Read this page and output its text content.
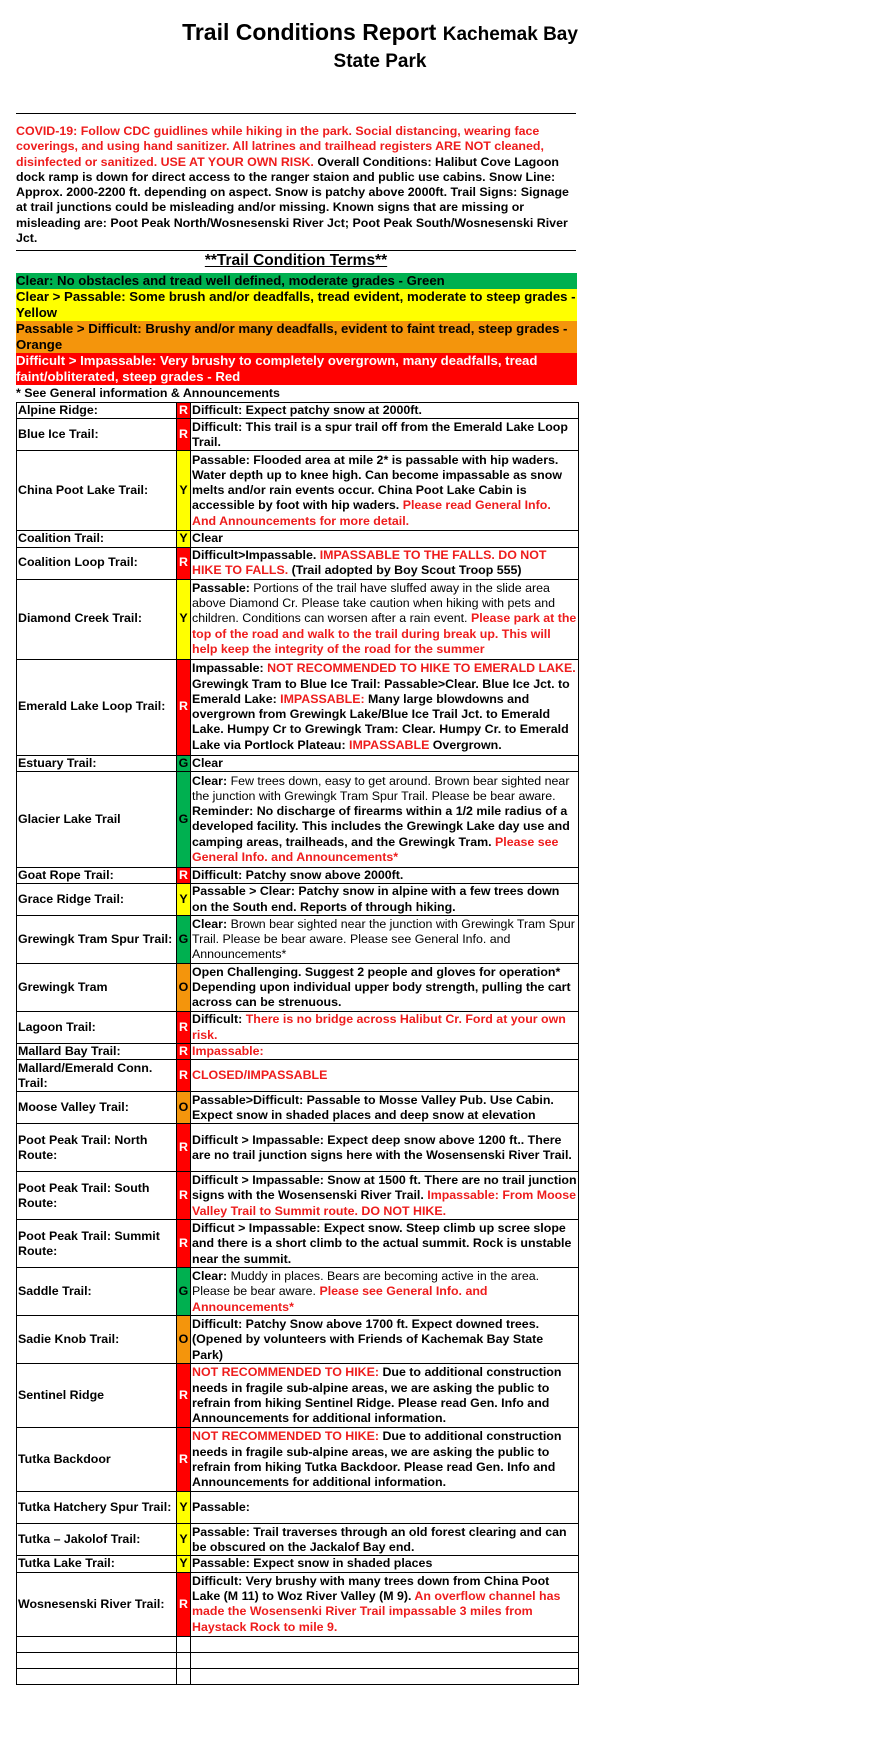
Trail Conditions Report Kachemak Bay
State Park
COVID-19: Follow CDC guidlines while hiking in the park. Social distancing, wearing face coverings, and using hand sanitizer. All latrines and trailhead registers ARE NOT cleaned, disinfected or sanitized. USE AT YOUR OWN RISK. Overall Conditions: Halibut Cove Lagoon dock ramp is down for direct access to the ranger staion and public use cabins. Snow Line: Approx. 2000-2200 ft. depending on aspect. Snow is patchy above 2000ft. Trail Signs: Signage at trail junctions could be misleading and/or missing. Known signs that are missing or misleading are: Poot Peak North/Wosnesenski River Jct; Poot Peak South/Wosnesenski River Jct.
**Trail Condition Terms**
Clear: No obstacles and tread well defined, moderate grades - Green
Clear > Passable: Some brush and/or deadfalls, tread evident, moderate to steep grades - Yellow
Passable > Difficult: Brushy and/or many deadfalls, evident to faint tread, steep grades - Orange
Difficult > Impassable: Very brushy to completely overgrown, many deadfalls, tread faint/obliterated, steep grades - Red
* See General information & Announcements
Alpine Ridge:	R	Difficult: Expect patchy snow at 2000ft.
Blue Ice Trail:	R	Difficult: This trail is a spur trail off from the Emerald Lake Loop Trail.
China Poot Lake Trail:	Y	Passable: Flooded area at mile 2* is passable with hip waders. Water depth up to knee high. Can become impassable as snow melts and/or rain events occur. China Poot Lake Cabin is accessible by foot with hip waders. Please read General Info. And Announcements for more detail.
Coalition Trail:	Y	Clear
Coalition Loop Trail:	R	Difficult>Impassable. IMPASSABLE TO THE FALLS. DO NOT HIKE TO FALLS. (Trail adopted by Boy Scout Troop 555)
Diamond Creek Trail:	Y	Passable: Portions of the trail have sluffed away in the slide area above Diamond Cr. Please take caution when hiking with pets and children. Conditions can worsen after a rain event. Please park at the top of the road and walk to the trail during break up. This will help keep the integrity of the road for the summer
Emerald Lake Loop Trail:	R	Impassable: NOT RECOMMENDED TO HIKE TO EMERALD LAKE. Grewingk Tram to Blue Ice Trail: Passable>Clear. Blue Ice Jct. to Emerald Lake: IMPASSABLE: Many large blowdowns and overgrown from Grewingk Lake/Blue Ice Trail Jct. to Emerald Lake. Humpy Cr to Grewingk Tram: Clear. Humpy Cr. to Emerald Lake via Portlock Plateau: IMPASSABLE Overgrown.
Estuary Trail:	G	Clear
Glacier Lake Trail	G	Clear: Few trees down, easy to get around. Brown bear sighted near the junction with Grewingk Tram Spur Trail. Please be bear aware. Reminder: No discharge of firearms within a 1/2 mile radius of a developed facility. This includes the Grewingk Lake day use and camping areas, trailheads, and the Grewingk Tram. Please see General Info. and Announcements*
Goat Rope Trail:	R	Difficult: Patchy snow above 2000ft.
Grace Ridge Trail:	Y	Passable > Clear: Patchy snow in alpine with a few trees down on the South end. Reports of through hiking.
Grewingk Tram Spur Trail:	G	Clear: Brown bear sighted near the junction with Grewingk Tram Spur Trail. Please be bear aware. Please see General Info. and Announcements*
Grewingk Tram	O	Open Challenging. Suggest 2 people and gloves for operation* Depending upon individual upper body strength, pulling the cart across can be strenuous.
Lagoon Trail:	R	Difficult: There is no bridge across Halibut Cr. Ford at your own risk.
Mallard Bay Trail:	R	Impassable:
Mallard/Emerald Conn. Trail:	R	CLOSED/IMPASSABLE
Moose Valley Trail:	O	Passable>Difficult: Passable to Mosse Valley Pub. Use Cabin. Expect snow in shaded places and deep snow at elevation
Poot Peak Trail: North Route:	R	Difficult > Impassable: Expect deep snow above 1200 ft.. There are no trail junction signs here with the Wosensenski River Trail.
Poot Peak Trail: South Route:	R	Difficult > Impassable: Snow at 1500 ft. There are no trail junction signs with the Wosensenski River Trail. Impassable: From Moose Valley Trail to Summit route. DO NOT HIKE.
Poot Peak Trail: Summit Route:	R	Difficut > Impassable: Expect snow. Steep climb up scree slope and there is a short climb to the actual summit. Rock is unstable near the summit.
Saddle Trail:	G	Clear: Muddy in places. Bears are becoming active in the area. Please be bear aware. Please see General Info. and Announcements*
Sadie Knob Trail:	O	Difficult: Patchy Snow above 1700 ft. Expect downed trees. (Opened by volunteers with Friends of Kachemak Bay State Park)
Sentinel Ridge	R	NOT RECOMMENDED TO HIKE: Due to additional construction needs in fragile sub-alpine areas, we are asking the public to refrain from hiking Sentinel Ridge. Please read Gen. Info and Announcements for additional information.
Tutka Backdoor	R	NOT RECOMMENDED TO HIKE: Due to additional construction needs in fragile sub-alpine areas, we are asking the public to refrain from hiking Tutka Backdoor. Please read Gen. Info and Announcements for additional information.
Tutka Hatchery Spur Trail:	Y	Passable:
Tutka – Jakolof Trail:	Y	Passable: Trail traverses through an old forest clearing and can be obscured on the Jackalof Bay end.
Tutka Lake Trail:	Y	Passable: Expect snow in shaded places
Wosnesenski River Trail:	R	Difficult: Very brushy with many trees down from China Poot Lake (M 11) to Woz River Valley (M 9). An overflow channel has made the Wosensenki River Trail impassable 3 miles from Haystack Rock to mile 9.
